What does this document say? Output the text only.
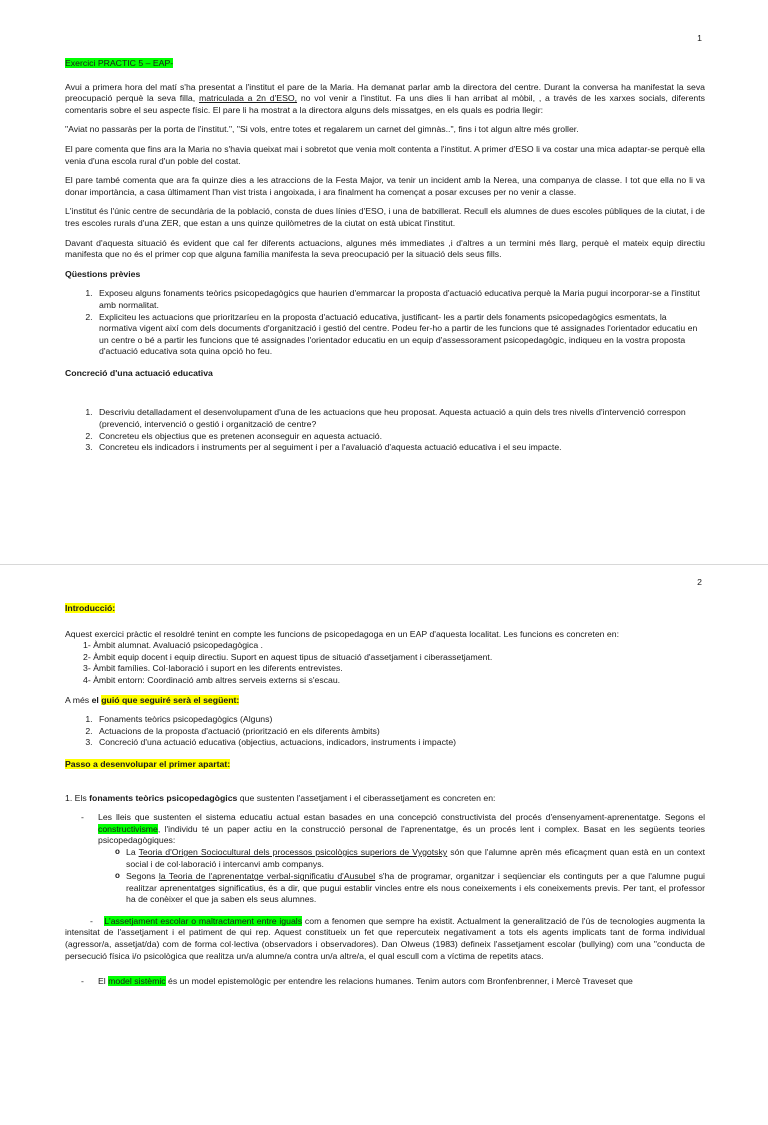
1

Exercici PRACTIC 5 – EAP-

Avui a primera hora del matí s'ha presentat a l'institut el pare de la Maria. Ha demanat parlar amb la directora del centre. Durant la conversa ha manifestat la seva preocupació perquè la seva filla, matriculada a 2n d'ESO, no vol venir a l'institut. Fa uns dies li han arribat al mòbil, , a través de les xarxes socials, diferents comentaris sobre el seu aspecte físic. El pare li ha mostrat a la directora alguns dels missatges, en els quals es podria llegir:

"Aviat no passaràs per la porta de l'institut.", "Si vols, entre totes et regalarem un carnet del gimnàs..", fins i tot algun altre més groller.

El pare comenta que fins ara la Maria no s'havia queixat mai i sobretot que venia molt contenta a l'institut. A primer d'ESO li va costar una mica adaptar-se perquè ella venia d'una escola rural d'un poble del costat.

El pare també comenta que ara fa quinze dies a les atraccions de la Festa Major, va tenir un incident amb la Nerea, una companya de classe. I tot que ella no li va donar importància, a casa últimament l'han vist trista i angoixada, i ara finalment ha començat a posar excuses per no venir a classe.

L'institut és l'únic centre de secundària de la població, consta de dues línies d'ESO, i una de batxillerat. Recull els alumnes de dues escoles públiques de la ciutat, i de tres escoles rurals d'una ZER, que estan a uns quinze quilòmetres de la ciutat on està ubicat l'institut.

Davant d'aquesta situació és evident que cal fer diferents actuacions, algunes més immediates ,i d'altres a un termini més llarg, perquè el mateix equip directiu manifesta que no és el primer cop que alguna família manifesta la seva preocupació per la situació dels seus fills.

Qüestions prèvies
1. Exposeu alguns fonaments teòrics psicopedagògics que haurien d'emmarcar la proposta d'actuació educativa perquè la Maria pugui incorporar-se a l'institut amb normalitat.
2. Expliciteu les actuacions que prioritzaríeu en la proposta d'actuació educativa, justificant- les a partir dels fonaments psicopedagògics esmentats, la normativa vigent així com dels documents d'organització i gestió del centre. Podeu fer-ho a partir de les funcions que té assignades l'orientador educatiu en un centre o bé a partir les funcions que té assignades l'orientador educatiu en un equip d'assessorament psicopedagògic, indiqueu en la vostra proposta d'actuació educativa sota quina opció ho feu.
Concreció d'una actuació educativa
1. Descriviu detalladament el desenvolupament d'una de les actuacions que heu proposat. Aquesta actuació a quin dels tres nivells d'intervenció correspon (prevenció, intervenció o gestió i organització de centre?
2. Concreteu els objectius que es pretenen aconseguir en aquesta actuació.
3. Concreteu els indicadors i instruments per al seguiment i per a l'avaluació d'aquesta actuació educativa i el seu impacte.
2

Introducció:

Aquest exercici pràctic el resoldré tenint en compte les funcions de psicopedagoga en un EAP d'aquesta localitat. Les funcions es concreten en:

1- Àmbit alumnat. Avaluació psicopedagògica .
2- Àmbit equip docent i equip directiu. Suport en aquest tipus de situació d'assetjament i ciberassetjament.
3- Àmbit famílies. Col·laboració i suport en les diferents entrevistes.
4- Àmbit entorn: Coordinació amb altres serveis externs si s'escau.

A més el guió que seguiré serà el següent:

1. Fonaments teòrics psicopedagògics (Alguns)
2. Actuacions de la proposta d'actuació (priorització en els diferents àmbits)
3. Concreció d'una actuació educativa (objectius, actuacions, indicadors, instruments i impacte)

Passo a desenvolupar el primer apartat:

1. Els fonaments teòrics psicopedagògics que sustenten l'assetjament i el ciberassetjament es concreten en:

- Les lleis que sustenten el sistema educatiu actual estan basades en una concepció constructivista del procés d'ensenyament-aprenentatge. Segons el constructivisme, l'individu té un paper actiu en la construcció personal de l'aprenentatge, és un procés lent i complex. Basat en les següents teories psicopedagògiques:
o La Teoria d'Origen Sociocultural dels processos psicològics superiors de Vygotsky són que l'alumne aprèn més eficaçment quan està en un context social i de col·laboració i intercanvi amb companys.
o Segons la Teoria de l'aprenentatge verbal-significatiu d'Ausubel s'ha de programar, organitzar i seqüenciar els continguts per a que l'alumne pugui realitzar aprenentatges significatius, és a dir, que pugui establir vincles entre els nous coneixements i els coneixements previs. Per tant, el professor ha de conèixer el que ja saben els seus alumnes.

-    L'assetjament escolar o maltractament entre iguals com a fenomen que sempre ha existit. Actualment la generalització de l'ús de tecnologies augmenta la intensitat de l'assetjament i el patiment de qui rep. Aquest constitueix un fet que repercuteix negativament a tots els agents implicats tant de forma individual (agressor/a, assetjat/da) com de forma col·lectiva (observadors i observadores). Dan Olweus (1983) defineix l'assetjament escolar (bullying) com una "conducta de persecució física i/o psicològica que realitza un/a alumne/a contra un/a altre/a, el qual escull com a víctima de repetits atacs.

- El model sistèmic és un model epistemològic per entendre les relacions humanes. Tenim autors com Bronfenbrenner, i Mercè Traveset que
